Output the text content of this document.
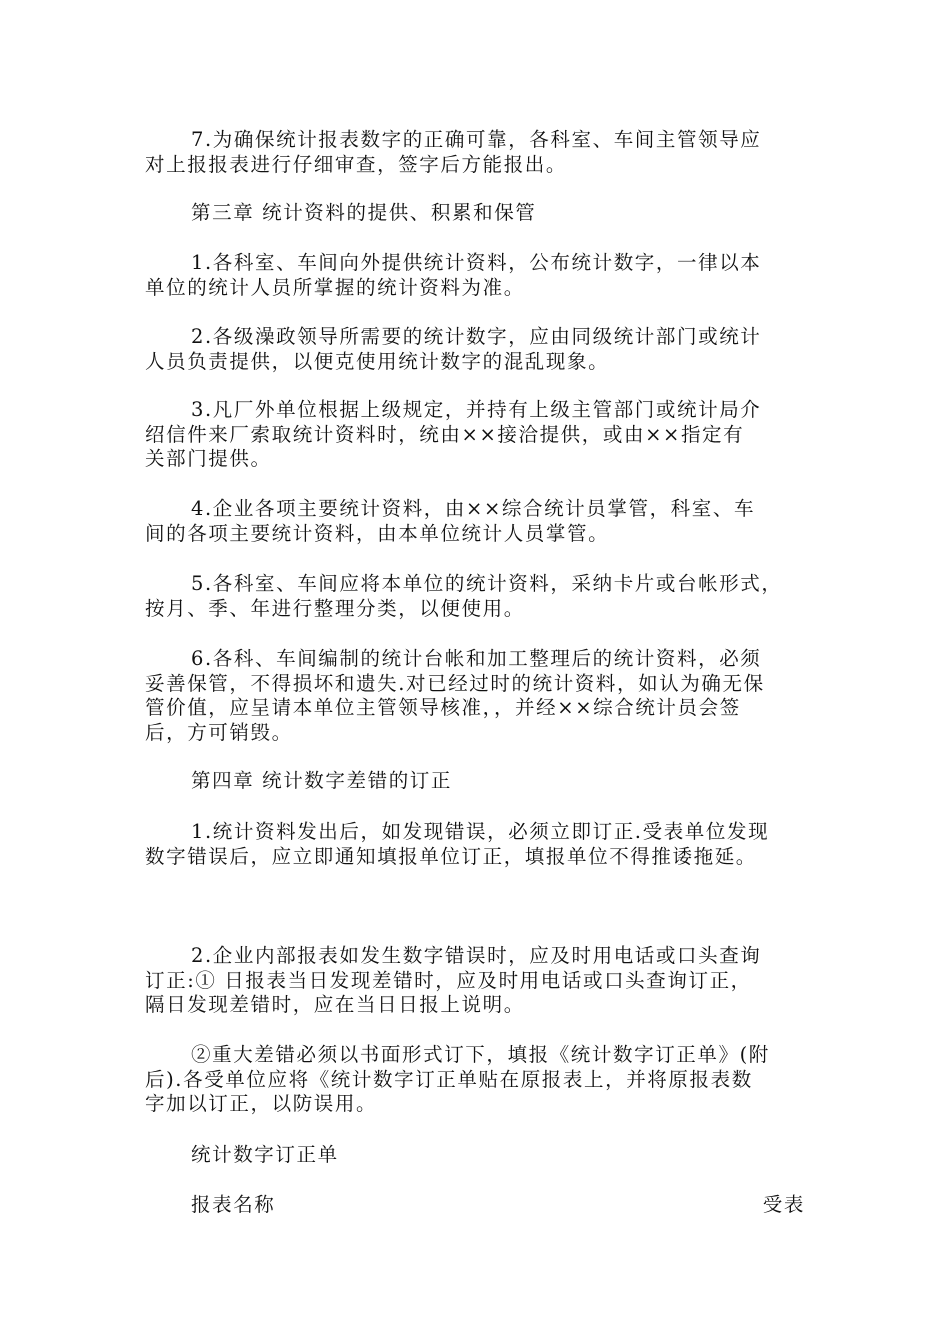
7.为确保统计报表数字的正确可靠，各科室、车间主管领导应
对上报报表进行仔细审查，签字后方能报出。
第三章 统计资料的提供、积累和保管
1.各科室、车间向外提供统计资料，公布统计数字，一律以本
单位的统计人员所掌握的统计资料为准。
2.各级澡政领导所需要的统计数字，应由同级统计部门或统计
人员负责提供，以便克使用统计数字的混乱现象。
3.凡厂外单位根据上级规定，并持有上级主管部门或统计局介
绍信件来厂索取统计资料时，统由××接洽提供，或由××指定有
关部门提供。
4.企业各项主要统计资料，由××综合统计员掌管，科室、车
间的各项主要统计资料，由本单位统计人员掌管。
5.各科室、车间应将本单位的统计资料，采纳卡片或台帐形式，
按月、季、年进行整理分类，以便使用。
6.各科、车间编制的统计台帐和加工整理后的统计资料，必须
妥善保管，不得损坏和遗失.对已经过时的统计资料，如认为确无保
管价值，应呈请本单位主管领导核准，，并经××综合统计员会签
后，方可销毁。
第四章 统计数字差错的订正
1.统计资料发出后，如发现错误，必须立即订正.受表单位发现
数字错误后，应立即通知填报单位订正，填报单位不得推诿拖延。
2.企业内部报表如发生数字错误时，应及时用电话或口头查询
订正:① 日报表当日发现差错时，应及时用电话或口头查询订正，
隔日发现差错时，应在当日日报上说明。
②重大差错必须以书面形式订下，填报《统计数字订正单》(附
后).各受单位应将《统计数字订正单贴在原报表上，并将原报表数
字加以订正，以防误用。
统计数字订正单
报表名称	受表
